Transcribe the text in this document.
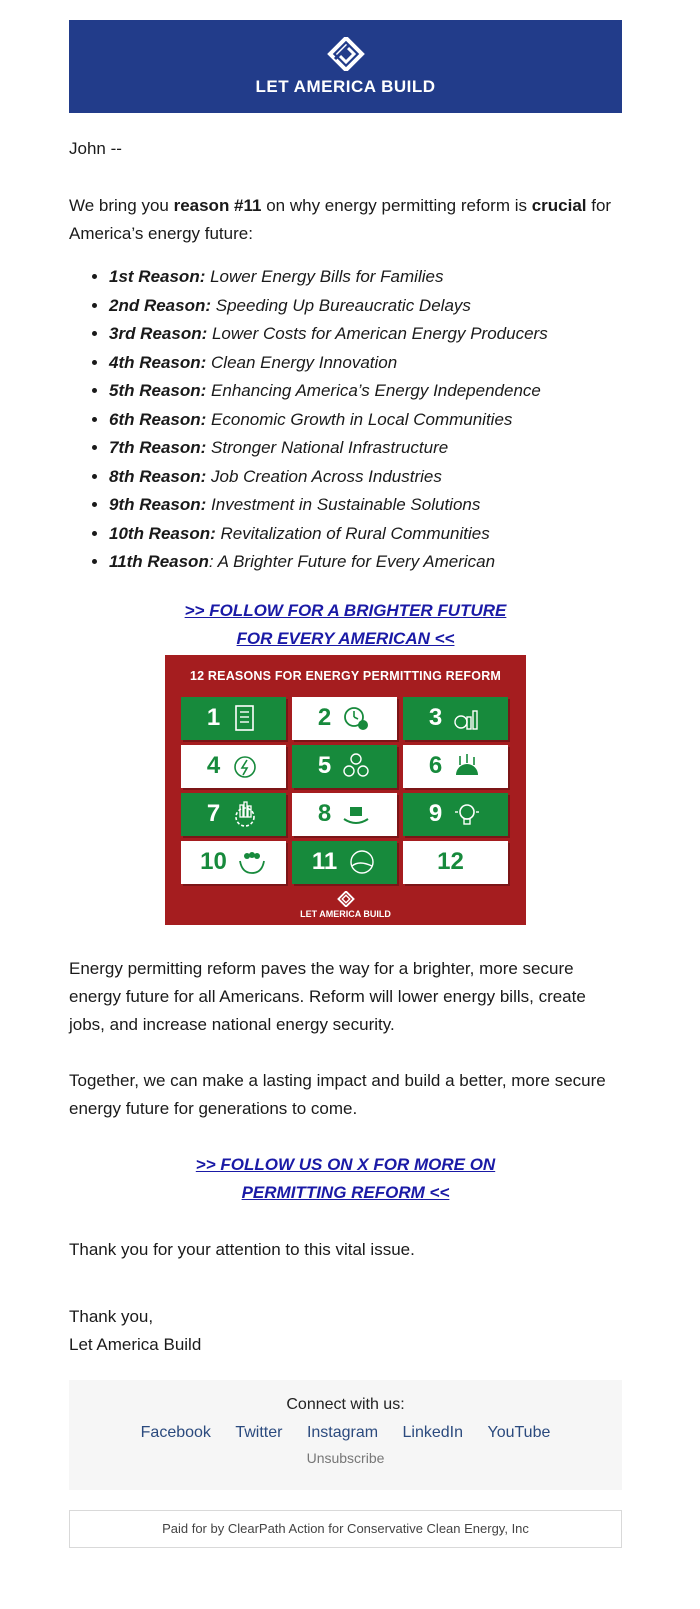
LET AMERICA BUILD

John --

We bring you reason #11 on why energy permitting reform is crucial for America’s energy future:

• 1st Reason: Lower Energy Bills for Families
• 2nd Reason: Speeding Up Bureaucratic Delays
• 3rd Reason: Lower Costs for American Energy Producers
• 4th Reason: Clean Energy Innovation
• 5th Reason: Enhancing America’s Energy Independence
• 6th Reason: Economic Growth in Local Communities
• 7th Reason: Stronger National Infrastructure
• 8th Reason: Job Creation Across Industries
• 9th Reason: Investment in Sustainable Solutions
• 10th Reason: Revitalization of Rural Communities
• 11th Reason: A Brighter Future for Every American
>> FOLLOW FOR A BRIGHTER FUTURE
FOR EVERY AMERICAN <<
12 REASONS FOR ENERGY PERMITTING REFORM
1	2	3
4	5	6
7	8	9
10	11	12
LET AMERICA BUILD

Energy permitting reform paves the way for a brighter, more secure energy future for all Americans. Reform will lower energy bills, create jobs, and increase national energy security.

Together, we can make a lasting impact and build a better, more secure energy future for generations to come.

>> FOLLOW US ON X FOR MORE ON
PERMITTING REFORM <<

Thank you for your attention to this vital issue.

Thank you,
Let America Build

Connect with us:
Facebook Twitter Instagram LinkedIn YouTube
Unsubscribe
Paid for by ClearPath Action for Conservative Clean Energy, Inc
